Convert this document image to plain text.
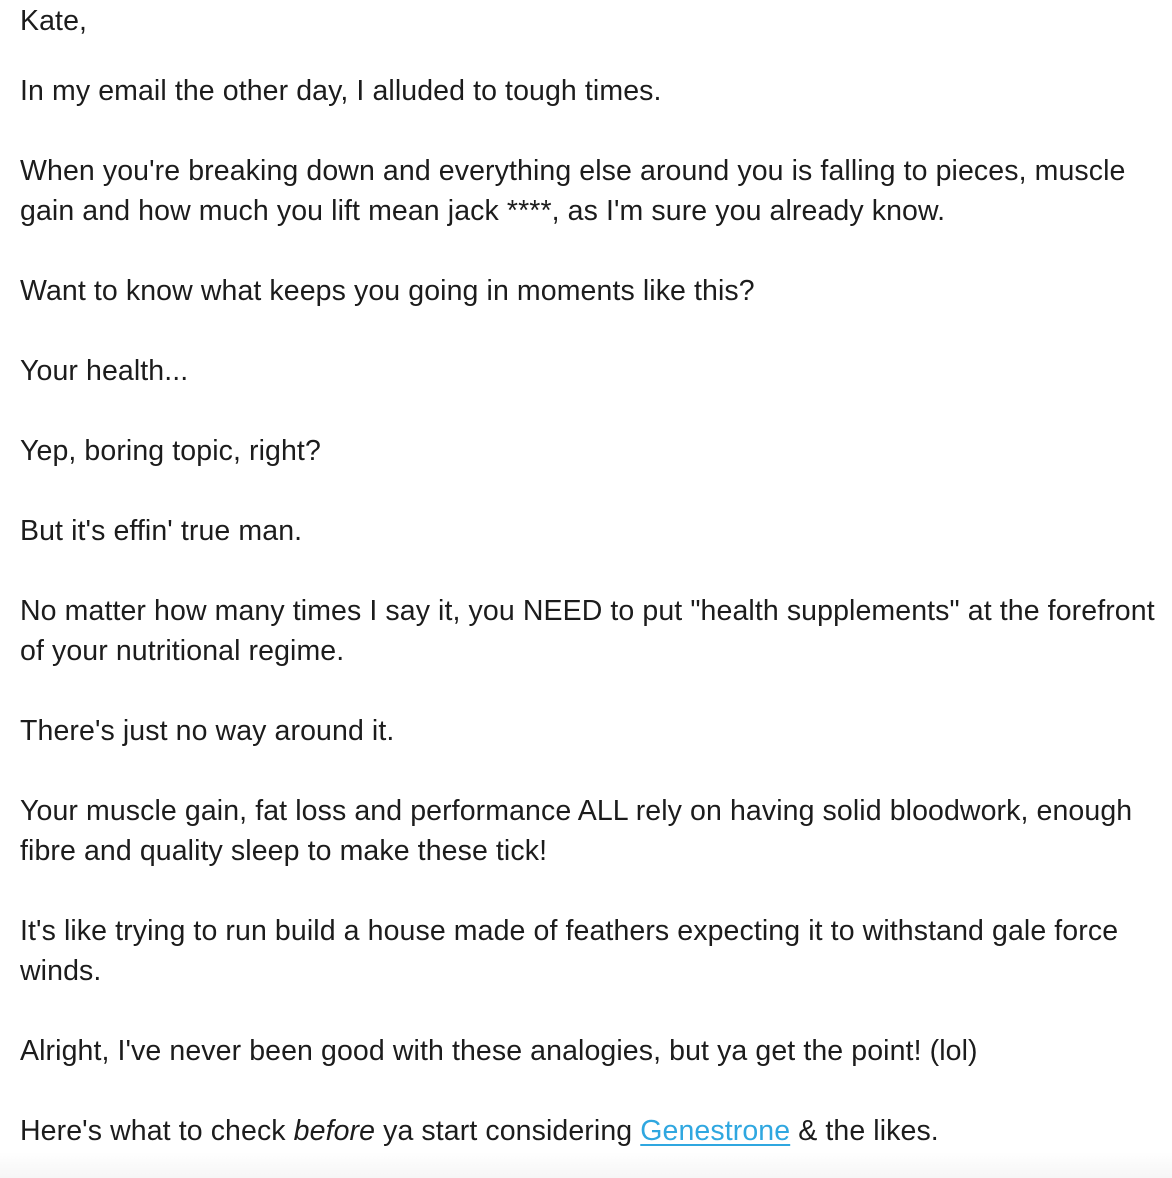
Kate,

In my email the other day, I alluded to tough times.

When you're breaking down and everything else around you is falling to pieces, muscle gain and how much you lift mean jack ****, as I'm sure you already know.

Want to know what keeps you going in moments like this?

Your health...

Yep, boring topic, right?

But it's effin' true man.

No matter how many times I say it, you NEED to put "health supplements" at the forefront of your nutritional regime.

There's just no way around it.

Your muscle gain, fat loss and performance ALL rely on having solid bloodwork, enough fibre and quality sleep to make these tick!

It's like trying to run build a house made of feathers expecting it to withstand gale force winds.

Alright, I've never been good with these analogies, but ya get the point! (lol)

Here's what to check before ya start considering Genestrone & the likes.
